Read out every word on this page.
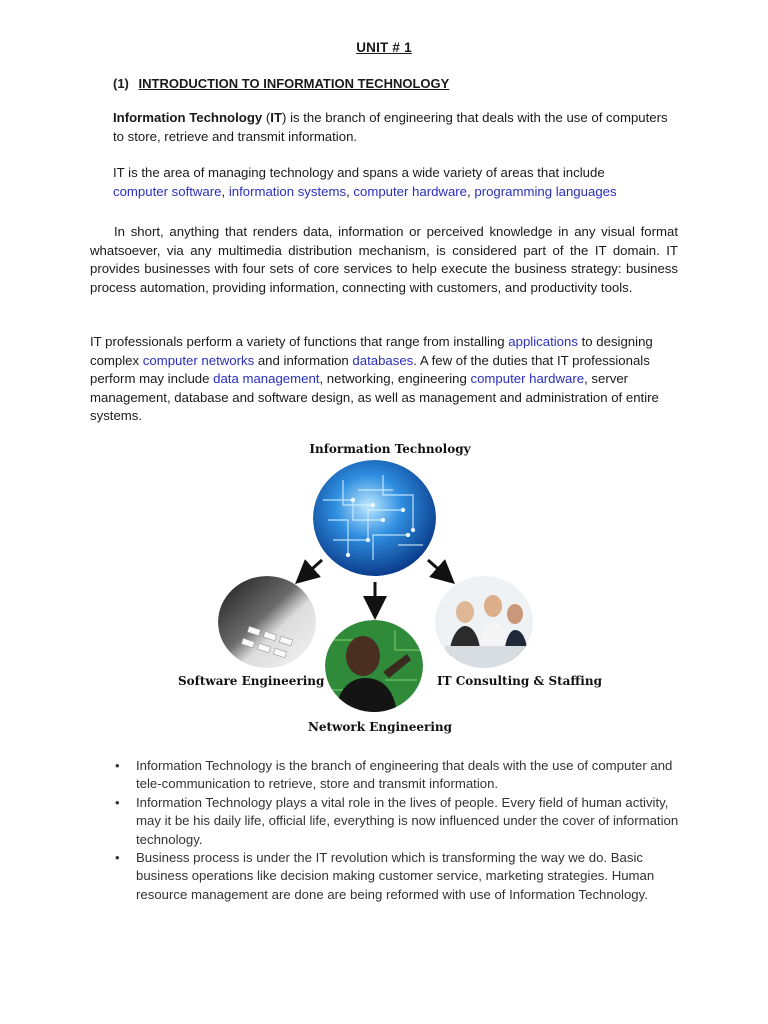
UNIT # 1
(1) INTRODUCTION TO INFORMATION TECHNOLOGY

Information Technology (IT) is the branch of engineering that deals with the use of computers to store, retrieve and transmit information.

IT is the area of managing technology and spans a wide variety of areas that include
computer software, information systems, computer hardware, programming languages

In short, anything that renders data, information or perceived knowledge in any visual format whatsoever, via any multimedia distribution mechanism, is considered part of the IT domain. IT provides businesses with four sets of core services to help execute the business strategy: business process automation, providing information, connecting with customers, and productivity tools.

IT professionals perform a variety of functions that range from installing applications to designing complex computer networks and information databases. A few of the duties that IT professionals perform may include data management, networking, engineering computer hardware, server management, database and software design, as well as management and administration of entire systems.

Information Technology
Software Engineering	IT Consulting & Staffing
Network Engineering
• Information Technology is the branch of engineering that deals with the use of computer and tele-communication to retrieve, store and transmit information.
• Information Technology plays a vital role in the lives of people. Every field of human activity, may it be his daily life, official life, everything is now influenced under the cover of information technology.
• Business process is under the IT revolution which is transforming the way we do. Basic business operations like decision making customer service, marketing strategies. Human resource management are done are being reformed with use of Information Technology.
